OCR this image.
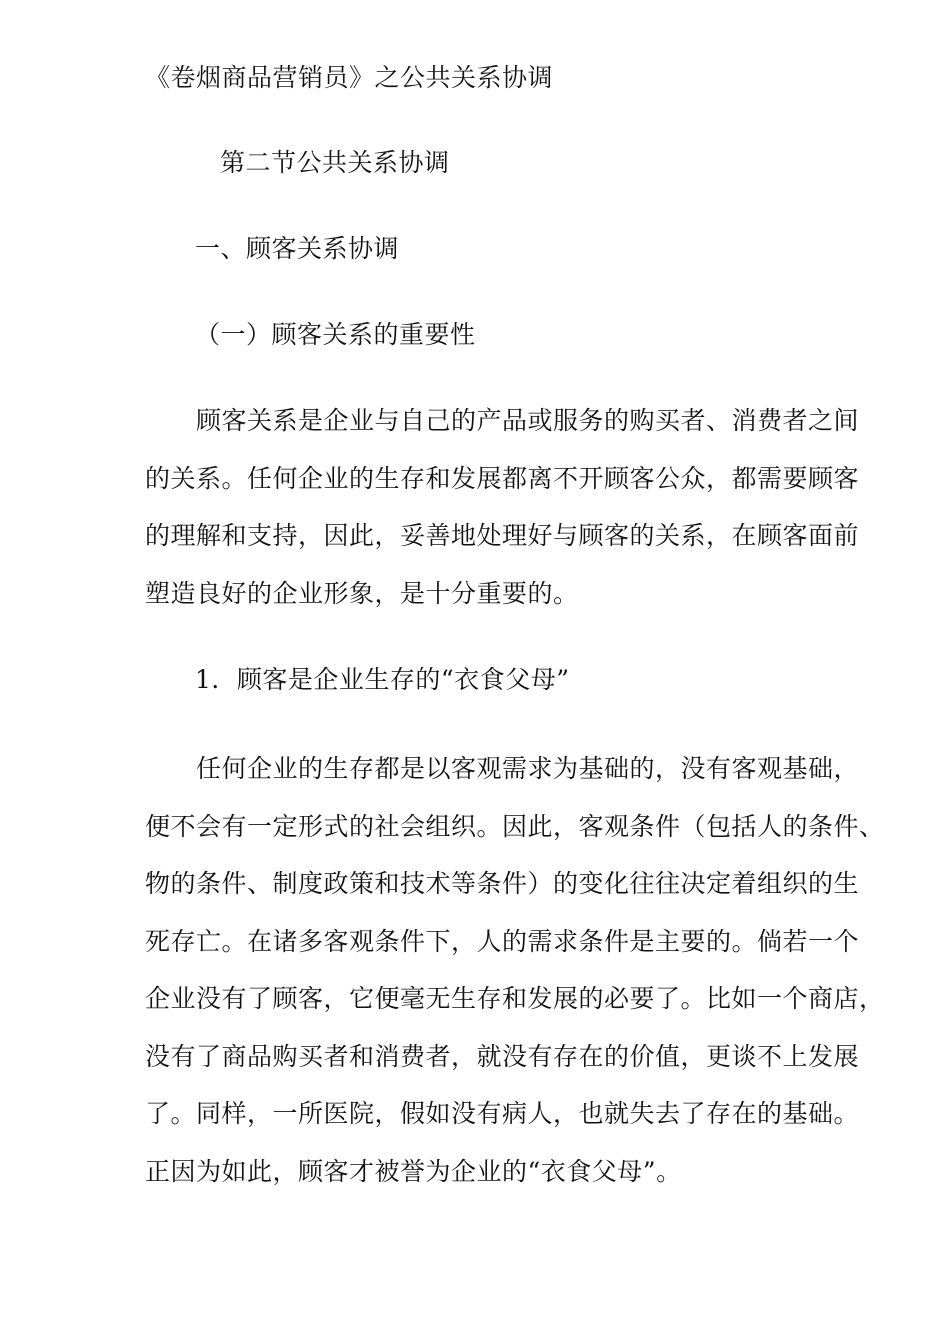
《卷烟商品营销员》之公共关系协调
第二节公共关系协调
一、顾客关系协调
（一）顾客关系的重要性
　　顾客关系是企业与自己的产品或服务的购买者、消费者之间
的关系。任何企业的生存和发展都离不开顾客公众，都需要顾客
的理解和支持，因此，妥善地处理好与顾客的关系，在顾客面前
塑造良好的企业形象，是十分重要的。
1．顾客是企业生存的“衣食父母”
　　任何企业的生存都是以客观需求为基础的，没有客观基础，
便不会有一定形式的社会组织。因此，客观条件（包括人的条件、
物的条件、制度政策和技术等条件）的变化往往决定着组织的生
死存亡。在诸多客观条件下，人的需求条件是主要的。倘若一个
企业没有了顾客，它便毫无生存和发展的必要了。比如一个商店，
没有了商品购买者和消费者，就没有存在的价值，更谈不上发展
了。同样，一所医院，假如没有病人，也就失去了存在的基础。
正因为如此，顾客才被誉为企业的“衣食父母”。
